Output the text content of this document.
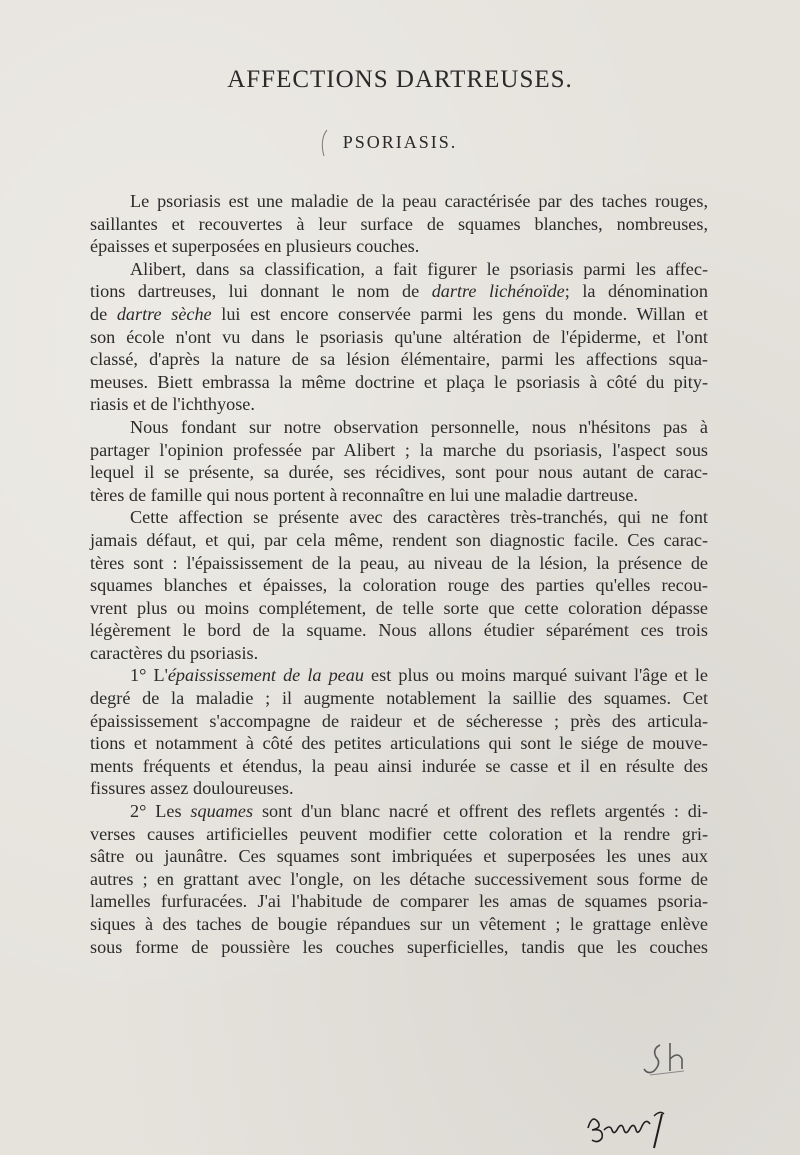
AFFECTIONS DARTREUSES.
PSORIASIS.
Le psoriasis est une maladie de la peau caractérisée par des taches rouges,
saillantes et recouvertes à leur surface de squames blanches, nombreuses,
épaisses et superposées en plusieurs couches.
Alibert, dans sa classification, a fait figurer le psoriasis parmi les affec-
tions dartreuses, lui donnant le nom de dartre lichénoïde; la dénomination
de dartre sèche lui est encore conservée parmi les gens du monde. Willan et
son école n'ont vu dans le psoriasis qu'une altération de l'épiderme, et l'ont
classé, d'après la nature de sa lésion élémentaire, parmi les affections squa-
meuses. Biett embrassa la même doctrine et plaça le psoriasis à côté du pity-
riasis et de l'ichthyose.
Nous fondant sur notre observation personnelle, nous n'hésitons pas à
partager l'opinion professée par Alibert ; la marche du psoriasis, l'aspect sous
lequel il se présente, sa durée, ses récidives, sont pour nous autant de carac-
tères de famille qui nous portent à reconnaître en lui une maladie dartreuse.
Cette affection se présente avec des caractères très-tranchés, qui ne font
jamais défaut, et qui, par cela même, rendent son diagnostic facile. Ces carac-
tères sont : l'épaississement de la peau, au niveau de la lésion, la présence de
squames blanches et épaisses, la coloration rouge des parties qu'elles recou-
vrent plus ou moins complétement, de telle sorte que cette coloration dépasse
légèrement le bord de la squame. Nous allons étudier séparément ces trois
caractères du psoriasis.
1° L'épaississement de la peau est plus ou moins marqué suivant l'âge et le
degré de la maladie ; il augmente notablement la saillie des squames. Cet
épaississement s'accompagne de raideur et de sécheresse ; près des articula-
tions et notamment à côté des petites articulations qui sont le siége de mouve-
ments fréquents et étendus, la peau ainsi indurée se casse et il en résulte des
fissures assez douloureuses.
2° Les squames sont d'un blanc nacré et offrent des reflets argentés : di-
verses causes artificielles peuvent modifier cette coloration et la rendre gri-
sâtre ou jaunâtre. Ces squames sont imbriquées et superposées les unes aux
autres ; en grattant avec l'ongle, on les détache successivement sous forme de
lamelles furfuracées. J'ai l'habitude de comparer les amas de squames psoria-
siques à des taches de bougie répandues sur un vêtement ; le grattage enlève
sous forme de poussière les couches superficielles, tandis que les couches
